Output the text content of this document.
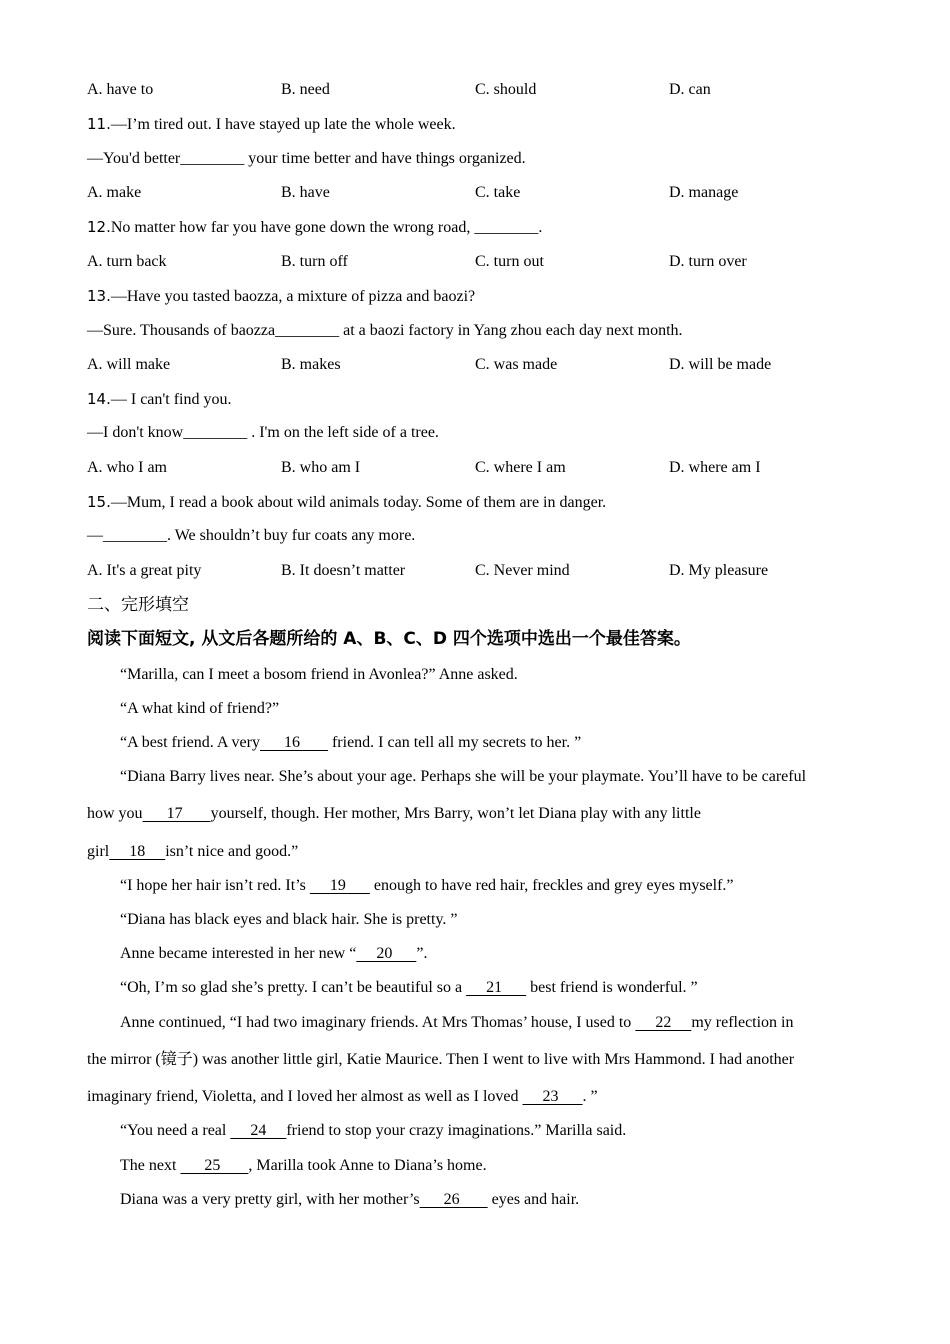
A. have to	B. need	C. should	D. can
11.—I’m tired out. I have stayed up late the whole week.
—You'd better________ your time better and have things organized.
A. make	B. have	C. take	D. manage
12.No matter how far you have gone down the wrong road, ________.
A. turn back	B. turn off	C. turn out	D. turn over
13.—Have you tasted baozza, a mixture of pizza and baozi?
—Sure. Thousands of baozza________ at a baozi factory in Yang zhou each day next month.
A. will make	B. makes	C. was made	D. will be made
14.— I can't find you.
—I don't know________ . I'm on the left side of a tree.
A. who I am	B. who am I	C. where I am	D. where am I
15.—Mum, I read a book about wild animals today. Some of them are in danger.
—________. We shouldn’t buy fur coats any more.
A. It's a great pity	B. It doesn’t matter	C. Never mind	D. My pleasure
二、完形填空
阅读下面短文, 从文后各题所给的 A、B、C、D 四个选项中选出一个最佳答案。
“Marilla, can I meet a bosom friend in Avonlea?” Anne asked.
“A what kind of friend?”
“A best friend. A very      16        friend. I can tell all my secrets to her. ”
“Diana Barry lives near. She’s about your age. Perhaps she will be your playmate. You’ll have to be careful
how you      17       yourself, though. Her mother, Mrs Barry, won’t let Diana play with any little
girl     18     isn’t nice and good.”
“I hope her hair isn’t red. It’s      19       enough to have red hair, freckles and grey eyes myself.”
“Diana has black eyes and black hair. She is pretty. ”
Anne became interested in her new “     20      ”.
“Oh, I’m so glad she’s pretty. I can’t be beautiful so a      21       best friend is wonderful. ”
Anne continued, “I had two imaginary friends. At Mrs Thomas’ house, I used to      22     my reflection in
the mirror (镜子) was another little girl, Katie Maurice. Then I went to live with Mrs Hammond. I had another
imaginary friend, Violetta, and I loved her almost as well as I loved      23      . ”
“You need a real      24     friend to stop your crazy imaginations.” Marilla said.
The next       25       , Marilla took Anne to Diana’s home.
Diana was a very pretty girl, with her mother’s      26        eyes and hair.
